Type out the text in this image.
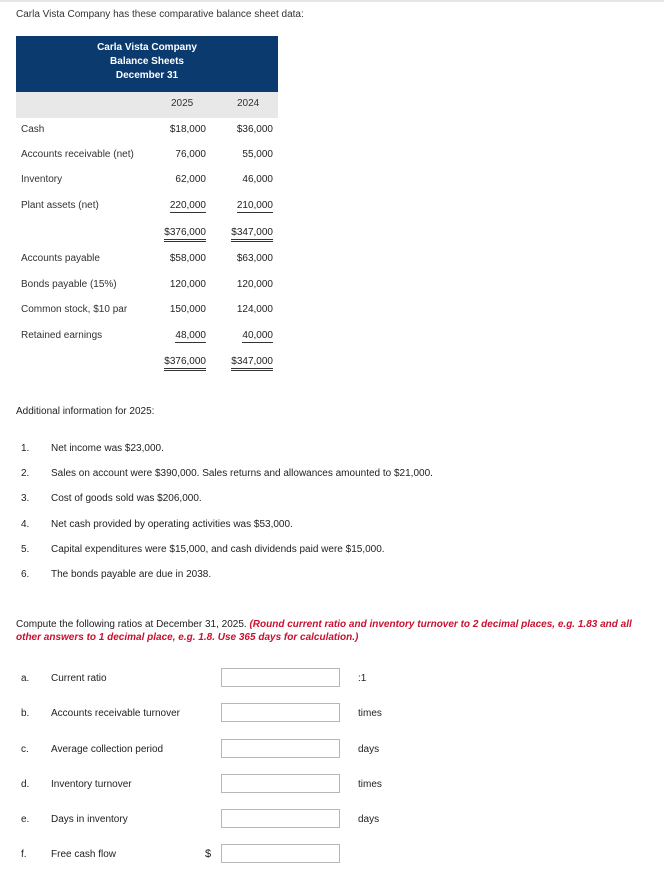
Carla Vista Company has these comparative balance sheet data:
Carla Vista Company
Balance Sheets
December 31
2025	2024
Cash	$18,000	$36,000
Accounts receivable (net)	76,000	55,000
Inventory	62,000	46,000
Plant assets (net)	220,000	210,000
$376,000	$347,000
Accounts payable	$58,000	$63,000
Bonds payable (15%)	120,000	120,000
Common stock, $10 par	150,000	124,000
Retained earnings	48,000	40,000
$376,000	$347,000
Additional information for 2025:
1. Net income was $23,000.
2. Sales on account were $390,000. Sales returns and allowances amounted to $21,000.
3. Cost of goods sold was $206,000.
4. Net cash provided by operating activities was $53,000.
5. Capital expenditures were $15,000, and cash dividends paid were $15,000.
6. The bonds payable are due in 2038.
Compute the following ratios at December 31, 2025. (Round current ratio and inventory turnover to 2 decimal places, e.g. 1.83 and all other answers to 1 decimal place, e.g. 1.8. Use 365 days for calculation.)
a. Current ratio	:1
b. Accounts receivable turnover	times
c. Average collection period	days
d. Inventory turnover	times
e. Days in inventory	days
f. Free cash flow	$
